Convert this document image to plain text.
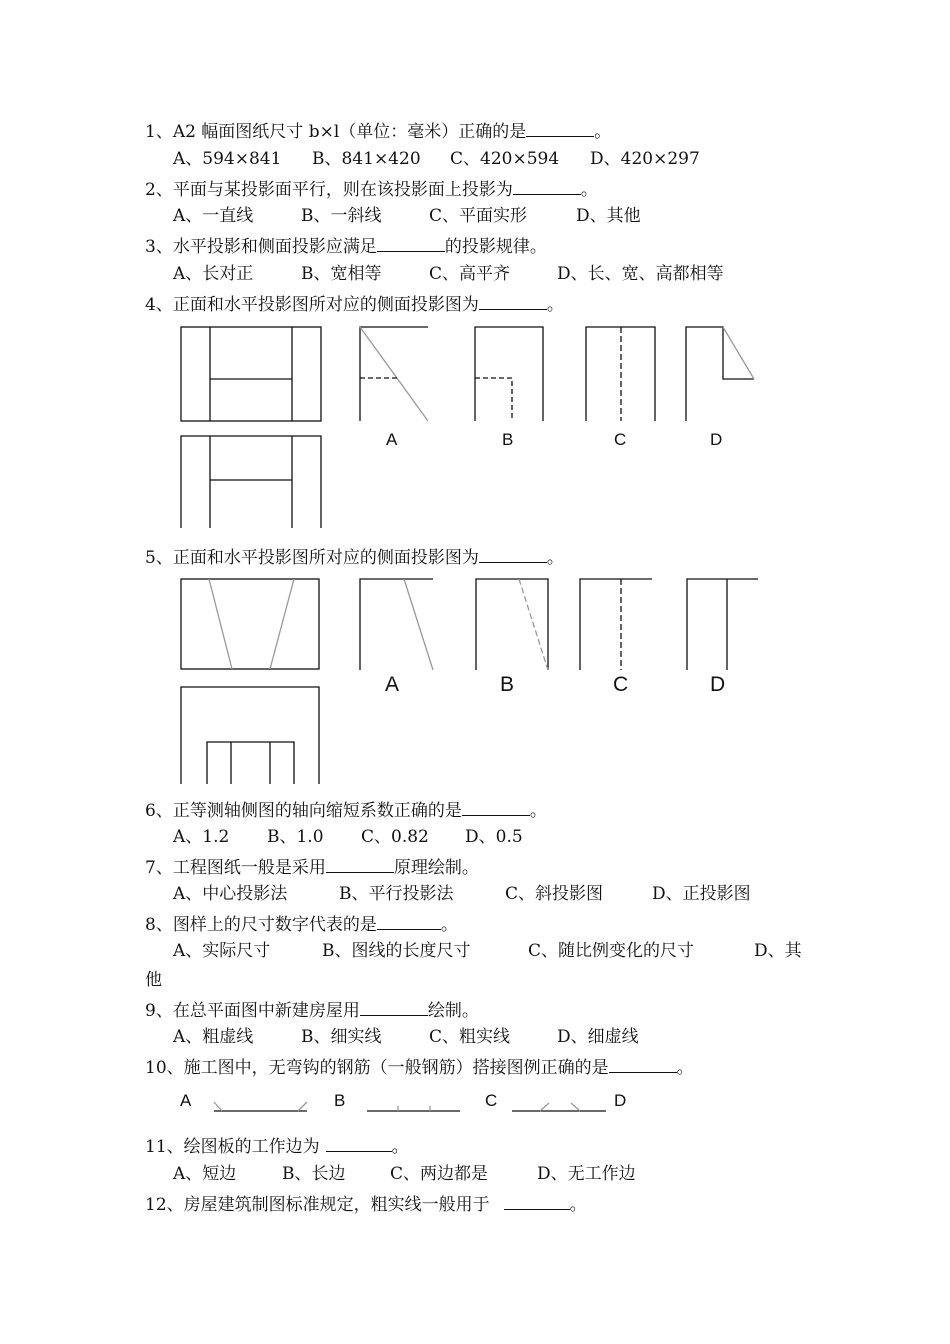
1、A2 幅面图纸尺寸 b×l（单位：毫米）正确的是	。
A、594×841 B、841×420 C、420×594 D、420×297
2、平面与某投影面平行，则在该投影面上投影为	。
A、一直线	B、一斜线	C、平面实形	D、其他
3、水平投影和侧面投影应满足	的投影规律。
A、长对正	B、宽相等	C、高平齐	D、长、宽、高都相等
4、正面和水平投影图所对应的侧面投影图为	。
A	B	C	D
5、正面和水平投影图所对应的侧面投影图为	。
A	B	C	D
6、正等测轴侧图的轴向缩短系数正确的是	。
A、1.2 B、1.0 C、0.82 D、0.5
7、工程图纸一般是采用	原理绘制。
A、中心投影法	B、平行投影法	C、斜投影图	D、正投影图
8、图样上的尺寸数字代表的是	。
A、实际尺寸	B、图线的长度尺寸	C、随比例变化的尺寸	D、其
他
9、在总平面图中新建房屋用	绘制。
A、粗虚线	B、细实线	C、粗实线	D、细虚线
10、施工图中，无弯钩的钢筋（一般钢筋）搭接图例正确的是	。
A	B	C	D
11、绘图板的工作边为	。
A、短边	B、长边	C、两边都是	D、无工作边
12、房屋建筑制图标准规定，粗实线一般用于	。
